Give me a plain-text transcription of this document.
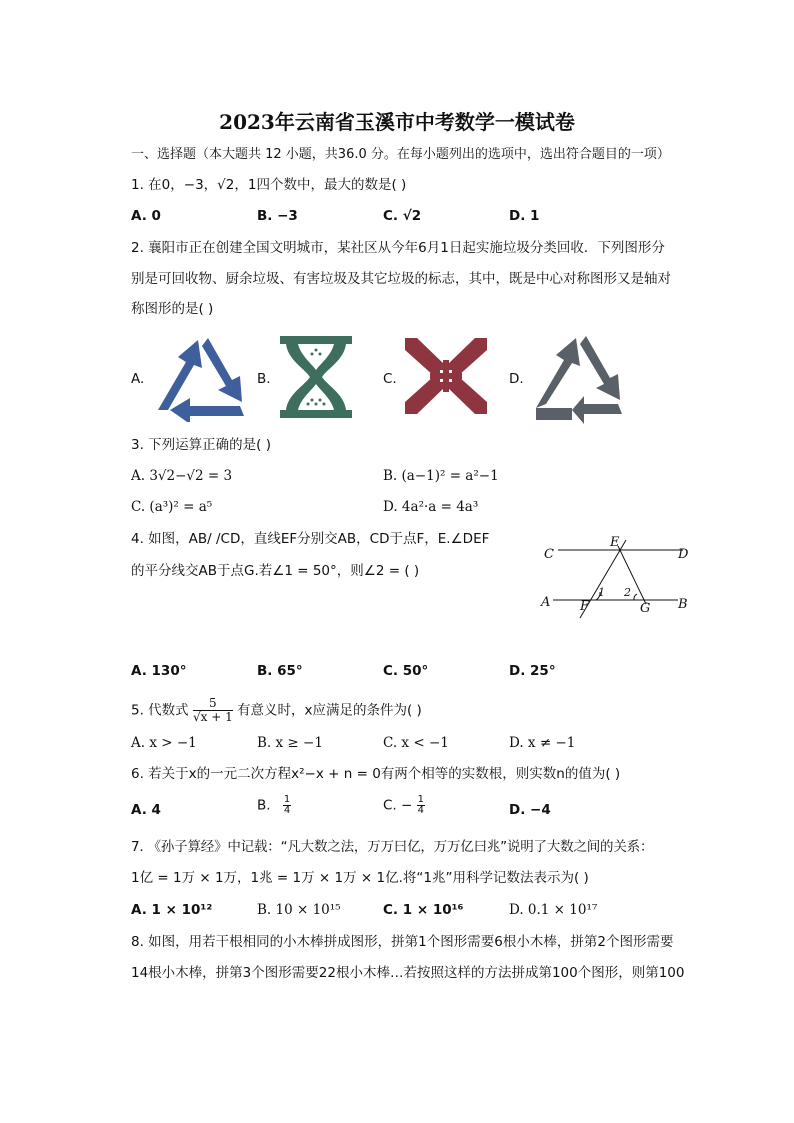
2023年云南省玉溪市中考数学一模试卷
一、选择题（本大题共 12 小题，共36.0 分。在每小题列出的选项中，选出符合题目的一项）
1. 在0，−3，√2，1四个数中，最大的数是( )
A. 0	B. −3	C. √2	D. 1
2. 襄阳市正在创建全国文明城市，某社区从今年6月1日起实施垃圾分类回收．下列图形分
别是可回收物、厨余垃圾、有害垃圾及其它垃圾的标志，其中，既是中心对称图形又是轴对
称图形的是( )
A.	B.	C.	D.
3. 下列运算正确的是( )
A. 3√2−√2 = 3	B. (a−1)² = a²−1
C. (a³)² = a⁵	D. 4a²·a = 4a³
4. 如图，AB/ /CD，直线EF分别交AB，CD于点F，E.∠DEF
的平分线交AB于点G.若∠1 = 50°，则∠2 = ( )
C
E
D
A F	G B
1 2
A. 130°	B. 65°	C. 50°	D. 25°
5. 代数式 $\frac{5}{√x + 1}$ 有意义时，x应满足的条件为( )
A. x > −1	B. x ≥ −1	C. x < −1	D. x ≠ −1
6. 若关于x的一元二次方程x²−x + n = 0有两个相等的实数根，则实数n的值为( )
A. 4	B. $\frac{1}{4}$	C. − $\frac{1}{4}$	D. −4
7. 《孙子算经》中记载：“凡大数之法，万万曰亿，万万亿曰兆”说明了大数之间的关系：
1亿 = 1万 × 1万，1兆 = 1万 × 1万 × 1亿.将“1兆”用科学记数法表示为( )
A. 1 × 10¹²	B. 10 × 10¹⁵	C. 1 × 10¹⁶	D. 0.1 × 10¹⁷
8. 如图，用若干根相同的小木棒拼成图形，拼第1个图形需要6根小木棒，拼第2个图形需要
14根小木棒，拼第3个图形需要22根小木棒…若按照这样的方法拼成第100个图形，则第100
